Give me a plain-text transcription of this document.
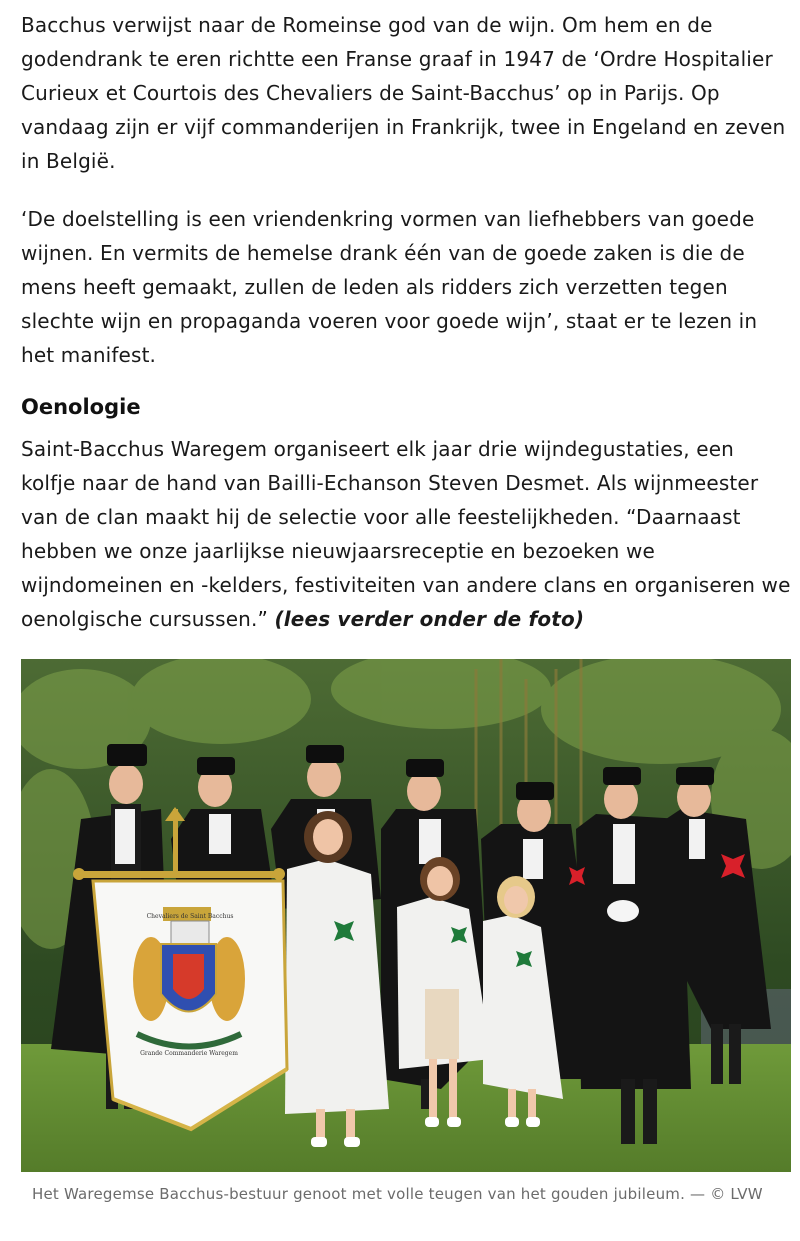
Bacchus verwijst naar de Romeinse god van de wijn. Om hem en de godendrank te eren richtte een Franse graaf in 1947 de ‘Ordre Hospitalier Curieux et Courtois des Chevaliers de Saint-Bacchus’ op in Parijs. Op vandaag zijn er vijf commanderijen in Frankrijk, twee in Engeland en zeven in België.

‘De doelstelling is een vriendenkring vormen van liefhebbers van goede wijnen. En vermits de hemelse drank één van de goede zaken is die de mens heeft gemaakt, zullen de leden als ridders zich verzetten tegen slechte wijn en propaganda voeren voor goede wijn’, staat er te lezen in het manifest.

Oenologie

Saint-Bacchus Waregem organiseert elk jaar drie wijndegustaties, een kolfje naar de hand van Bailli-Echanson Steven Desmet. Als wijnmeester van de clan maakt hij de selectie voor alle feestelijkheden. “Daarnaast hebben we onze jaarlijkse nieuwjaarsreceptie en bezoeken we wijndomeinen en -kelders, festiviteiten van andere clans en organiseren we oenolgische cursussen.” (lees verder onder de foto)

Chevaliers de Saint Bacchus
Grande Commanderie Waregem

Het Waregemse Bacchus-bestuur genoot met volle teugen van het gouden jubileum. — © LVW
